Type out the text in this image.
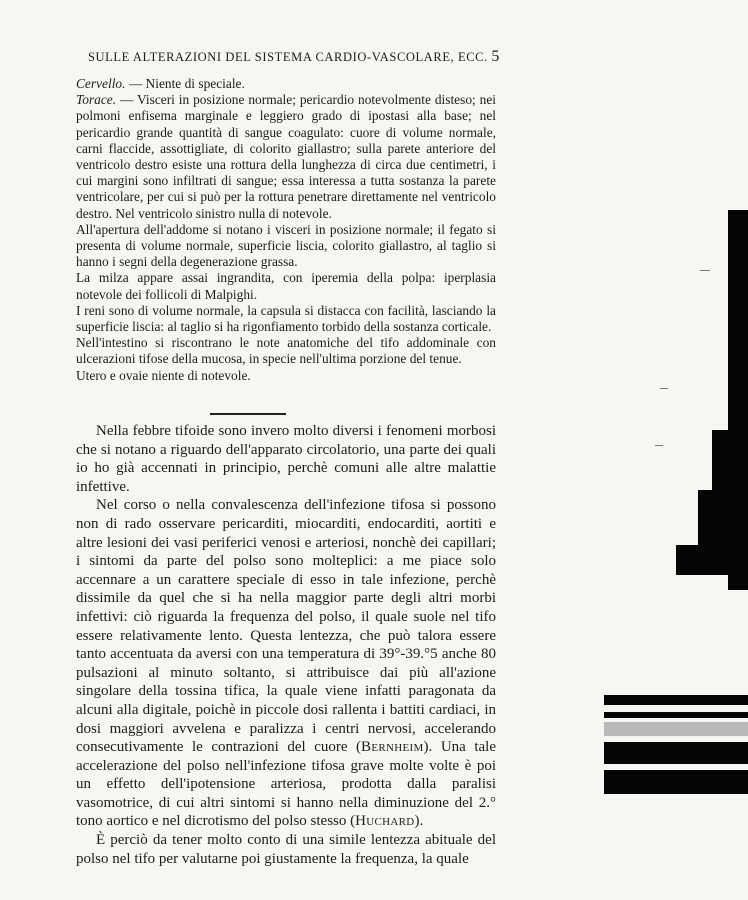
SULLE ALTERAZIONI DEL SISTEMA CARDIO-VASCOLARE, ECC. 5

Cervello. — Niente di speciale.

Torace. — Visceri in posizione normale; pericardio notevolmente disteso; nei polmoni enfisema marginale e leggiero grado di ipostasi alla base; nel pericardio grande quantità di sangue coagulato: cuore di volume normale, carni flaccide, assottigliate, di colorito giallastro; sulla parete anteriore del ventricolo destro esiste una rottura della lunghezza di circa due centimetri, i cui margini sono infiltrati di sangue; essa interessa a tutta sostanza la parete ventricolare, per cui si può per la rottura penetrare direttamente nel ventricolo destro. Nel ventricolo sinistro nulla di notevole.

All'apertura dell'addome si notano i visceri in posizione normale; il fegato si presenta di volume normale, superficie liscia, colorito giallastro, al taglio si hanno i segni della degenerazione grassa.

La milza appare assai ingrandita, con iperemia della polpa: iperplasia notevole dei follicoli di Malpighi.

I reni sono di volume normale, la capsula si distacca con facilità, lasciando la superficie liscia: al taglio si ha rigonfiamento torbido della sostanza corticale.

Nell'intestino si riscontrano le note anatomiche del tifo addominale con ulcerazioni tifose della mucosa, in specie nell'ultima porzione del tenue.

Utero e ovaie niente di notevole.

Nella febbre tifoide sono invero molto diversi i fenomeni morbosi che si notano a riguardo dell'apparato circolatorio, una parte dei quali io ho già accennati in principio, perchè comuni alle altre malattie infettive.

Nel corso o nella convalescenza dell'infezione tifosa si possono non di rado osservare pericarditi, miocarditi, endocarditi, aortiti e altre lesioni dei vasi periferici venosi e arteriosi, nonchè dei capillari; i sintomi da parte del polso sono molteplici: a me piace solo accennare a un carattere speciale di esso in tale infezione, perchè dissimile da quel che si ha nella maggior parte degli altri morbi infettivi: ciò riguarda la frequenza del polso, il quale suole nel tifo essere relativamente lento. Questa lentezza, che può talora essere tanto accentuata da aversi con una temperatura di 39°-39.°5 anche 80 pulsazioni al minuto soltanto, si attribuisce dai più all'azione singolare della tossina tifica, la quale viene infatti paragonata da alcuni alla digitale, poichè in piccole dosi rallenta i battiti cardiaci, in dosi maggiori avvelena e paralizza i centri nervosi, accelerando consecutivamente le contrazioni del cuore (Bernheim). Una tale accelerazione del polso nell'infezione tifosa grave molte volte è poi un effetto dell'ipotensione arteriosa, prodotta dalla paralisi vasomotrice, di cui altri sintomi si hanno nella diminuzione del 2.° tono aortico e nel dicrotismo del polso stesso (Huchard).

È perciò da tener molto conto di una simile lentezza abituale del polso nel tifo per valutarne poi giustamente la frequenza, la quale
